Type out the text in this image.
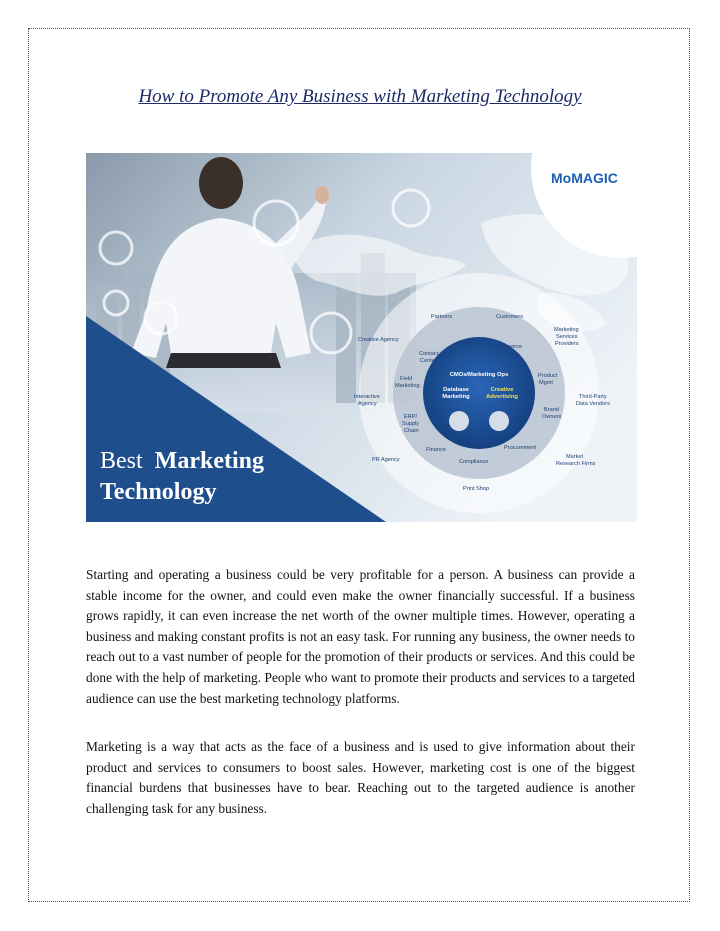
How to Promote Any Business with Marketing Technology
MoMAGIC
Best Marketing
Technology
Partners	Customers
Creative Agency
Marketing
Services
Providers
Interactive
Agency
Third-Party
Data Vendors
PR Agency	Market
Research Firms
Print Shop
Sales	E-Commerce
Contact
Center
Field
Marketing
Product
Mgmt
ERP/
Supply
Chain
Brand
Owners
Finance	Procurement
Compliance
CMOs/Marketing Ops
Database
Marketing
Creative
Advertising

Starting and operating a business could be very profitable for a person. A business can provide a stable income for the owner, and could even make the owner financially successful. If a business grows rapidly, it can even increase the net worth of the owner multiple times. However, operating a business and making constant profits is not an easy task. For running any business, the owner needs to reach out to a vast number of people for the promotion of their products or services. And this could be done with the help of marketing. People who want to promote their products and services to a targeted audience can use the best marketing technology platforms.

Marketing is a way that acts as the face of a business and is used to give information about their product and services to consumers to boost sales. However, marketing cost is one of the biggest financial burdens that businesses have to bear. Reaching out to the targeted audience is another challenging task for any business.
